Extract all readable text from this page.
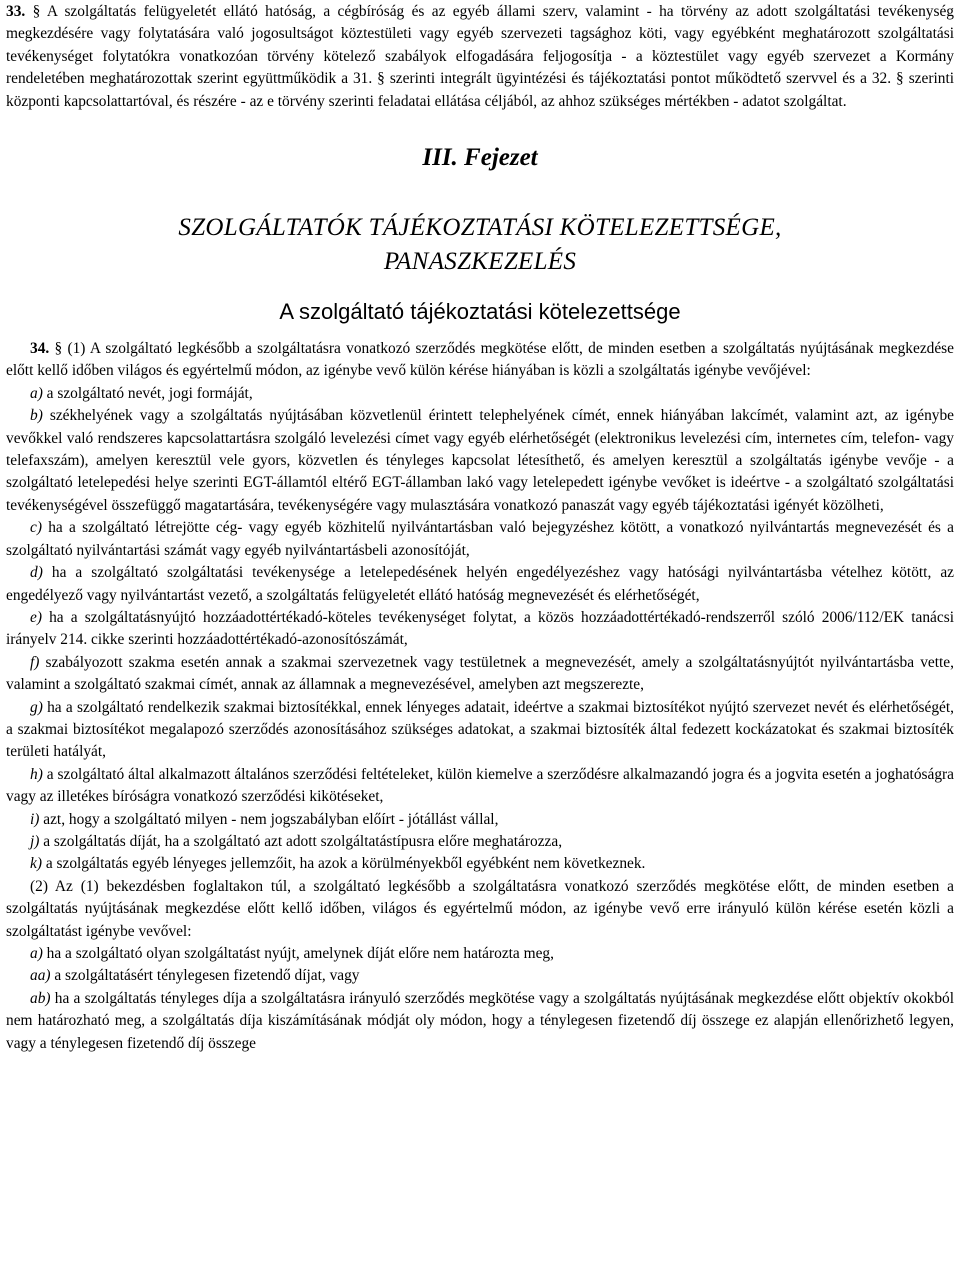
33. § A szolgáltatás felügyeletét ellátó hatóság, a cégbíróság és az egyéb állami szerv, valamint - ha törvény az adott szolgáltatási tevékenység megkezdésére vagy folytatására való jogosultságot köztestületi vagy egyéb szervezeti tagsághoz köti, vagy egyébként meghatározott szolgáltatási tevékenységet folytatókra vonatkozóan törvény kötelező szabályok elfogadására feljogosítja - a köztestület vagy egyéb szervezet a Kormány rendeletében meghatározottak szerint együttműködik a 31. § szerinti integrált ügyintézési és tájékoztatási pontot működtető szervvel és a 32. § szerinti központi kapcsolattartóval, és részére - az e törvény szerinti feladatai ellátása céljából, az ahhoz szükséges mértékben - adatot szolgáltat.

III. Fejezet
SZOLGÁLTATÓK TÁJÉKOZTATÁSI KÖTELEZETTSÉGE,
PANASZKEZELÉS
A szolgáltató tájékoztatási kötelezettsége

34. § (1) A szolgáltató legkésőbb a szolgáltatásra vonatkozó szerződés megkötése előtt, de minden esetben a szolgáltatás nyújtásának megkezdése előtt kellő időben világos és egyértelmű módon, az igénybe vevő külön kérése hiányában is közli a szolgáltatás igénybe vevőjével:

a) a szolgáltató nevét, jogi formáját,

b) székhelyének vagy a szolgáltatás nyújtásában közvetlenül érintett telephelyének címét, ennek hiányában lakcímét, valamint azt, az igénybe vevőkkel való rendszeres kapcsolattartásra szolgáló levelezési címet vagy egyéb elérhetőségét (elektronikus levelezési cím, internetes cím, telefon- vagy telefaxszám), amelyen keresztül vele gyors, közvetlen és tényleges kapcsolat létesíthető, és amelyen keresztül a szolgáltatás igénybe vevője - a szolgáltató letelepedési helye szerinti EGT-államtól eltérő EGT-államban lakó vagy letelepedett igénybe vevőket is ideértve - a szolgáltató szolgáltatási tevékenységével összefüggő magatartására, tevékenységére vagy mulasztására vonatkozó panaszát vagy egyéb tájékoztatási igényét közölheti,

c) ha a szolgáltató létrejötte cég- vagy egyéb közhitelű nyilvántartásban való bejegyzéshez kötött, a vonatkozó nyilvántartás megnevezését és a szolgáltató nyilvántartási számát vagy egyéb nyilvántartásbeli azonosítóját,

d) ha a szolgáltató szolgáltatási tevékenysége a letelepedésének helyén engedélyezéshez vagy hatósági nyilvántartásba vételhez kötött, az engedélyező vagy nyilvántartást vezető, a szolgáltatás felügyeletét ellátó hatóság megnevezését és elérhetőségét,

e) ha a szolgáltatásnyújtó hozzáadottértékadó-köteles tevékenységet folytat, a közös hozzáadottértékadó-rendszerről szóló 2006/112/EK tanácsi irányelv 214. cikke szerinti hozzáadottértékadó-azonosítószámát,

f) szabályozott szakma esetén annak a szakmai szervezetnek vagy testületnek a megnevezését, amely a szolgáltatásnyújtót nyilvántartásba vette, valamint a szolgáltató szakmai címét, annak az államnak a megnevezésével, amelyben azt megszerezte,

g) ha a szolgáltató rendelkezik szakmai biztosítékkal, ennek lényeges adatait, ideértve a szakmai biztosítékot nyújtó szervezet nevét és elérhetőségét, a szakmai biztosítékot megalapozó szerződés azonosításához szükséges adatokat, a szakmai biztosíték által fedezett kockázatokat és szakmai biztosíték területi hatályát,

h) a szolgáltató által alkalmazott általános szerződési feltételeket, külön kiemelve a szerződésre alkalmazandó jogra és a jogvita esetén a joghatóságra vagy az illetékes bíróságra vonatkozó szerződési kikötéseket,

i) azt, hogy a szolgáltató milyen - nem jogszabályban előírt - jótállást vállal,

j) a szolgáltatás díját, ha a szolgáltató azt adott szolgáltatástípusra előre meghatározza,

k) a szolgáltatás egyéb lényeges jellemzőit, ha azok a körülményekből egyébként nem következnek.

(2) Az (1) bekezdésben foglaltakon túl, a szolgáltató legkésőbb a szolgáltatásra vonatkozó szerződés megkötése előtt, de minden esetben a szolgáltatás nyújtásának megkezdése előtt kellő időben, világos és egyértelmű módon, az igénybe vevő erre irányuló külön kérése esetén közli a szolgáltatást igénybe vevővel:

a) ha a szolgáltató olyan szolgáltatást nyújt, amelynek díját előre nem határozta meg,

aa) a szolgáltatásért ténylegesen fizetendő díjat, vagy

ab) ha a szolgáltatás tényleges díja a szolgáltatásra irányuló szerződés megkötése vagy a szolgáltatás nyújtásának megkezdése előtt objektív okokból nem határozható meg, a szolgáltatás díja kiszámításának módját oly módon, hogy a ténylegesen fizetendő díj összege ez alapján ellenőrizhető legyen, vagy a ténylegesen fizetendő díj összege
